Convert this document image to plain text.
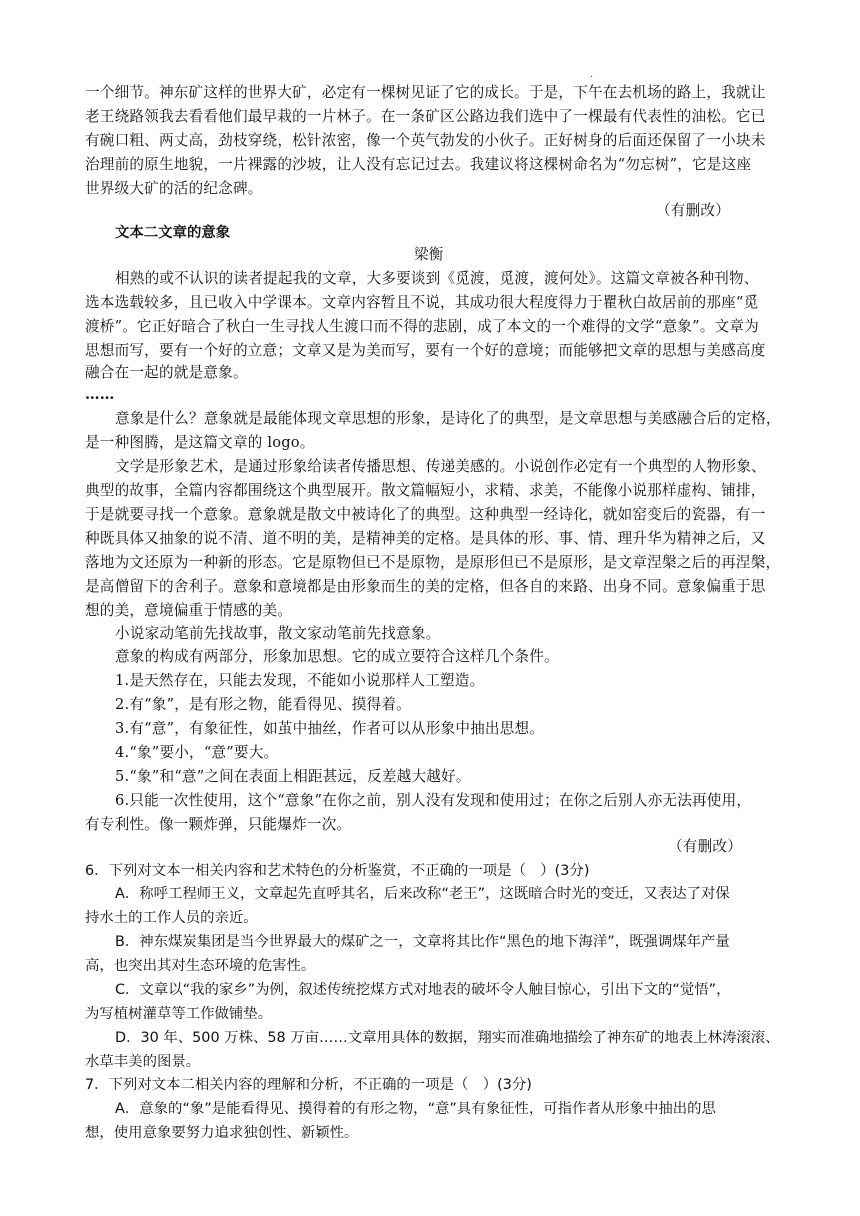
·
一个细节。神东矿这样的世界大矿，必定有一棵树见证了它的成长。于是，下午在去机场的路上，我就让
老王绕路领我去看看他们最早栽的一片林子。在一条矿区公路边我们选中了一棵最有代表性的油松。它已
有碗口粗、两丈高，劲枝穿绕，松针浓密，像一个英气勃发的小伙子。正好树身的后面还保留了一小块未
治理前的原生地貌，一片裸露的沙坡，让人没有忘记过去。我建议将这棵树命名为“勿忘树”，它是这座
世界级大矿的活的纪念碑。
（有删改）
文本二文章的意象
梁衡
相熟的或不认识的读者提起我的文章，大多要谈到《觅渡，觅渡，渡何处》。这篇文章被各种刊物、
选本选载较多，且已收入中学课本。文章内容暂且不说，其成功很大程度得力于瞿秋白故居前的那座“觅
渡桥”。它正好暗合了秋白一生寻找人生渡口而不得的悲剧，成了本文的一个难得的文学“意象”。文章为
思想而写，要有一个好的立意；文章又是为美而写，要有一个好的意境；而能够把文章的思想与美感高度
融合在一起的就是意象。
……
意象是什么？意象就是最能体现文章思想的形象，是诗化了的典型，是文章思想与美感融合后的定格，
是一种图腾，是这篇文章的 logo。
文学是形象艺术，是通过形象给读者传播思想、传递美感的。小说创作必定有一个典型的人物形象、
典型的故事，全篇内容都围绕这个典型展开。散文篇幅短小，求精、求美，不能像小说那样虚构、铺排，
于是就要寻找一个意象。意象就是散文中被诗化了的典型。这种典型一经诗化，就如窑变后的瓷器，有一
种既具体又抽象的说不清、道不明的美，是精神美的定格。是具体的形、事、情、理升华为精神之后，又
落地为文还原为一种新的形态。它是原物但已不是原物，是原形但已不是原形，是文章涅槃之后的再涅槃，
是高僧留下的舍利子。意象和意境都是由形象而生的美的定格，但各自的来路、出身不同。意象偏重于思
想的美，意境偏重于情感的美。
小说家动笔前先找故事，散文家动笔前先找意象。
意象的构成有两部分，形象加思想。它的成立要符合这样几个条件。
1.是天然存在，只能去发现，不能如小说那样人工塑造。
2.有“象”，是有形之物，能看得见、摸得着。
3.有“意”，有象征性，如茧中抽丝，作者可以从形象中抽出思想。
4.“象”要小，“意”要大。
5.“象”和“意”之间在表面上相距甚远，反差越大越好。
6.只能一次性使用，这个“意象”在你之前，别人没有发现和使用过；在你之后别人亦无法再使用，
有专利性。像一颗炸弹，只能爆炸一次。
（有删改）
6．下列对文本一相关内容和艺术特色的分析鉴赏，不正确的一项是（　）(3分)
A．称呼工程师王义，文章起先直呼其名，后来改称“老王”，这既暗合时光的变迁，又表达了对保
持水土的工作人员的亲近。
B．神东煤炭集团是当今世界最大的煤矿之一，文章将其比作“黑色的地下海洋”，既强调煤年产量
高，也突出其对生态环境的危害性。
C．文章以“我的家乡”为例，叙述传统挖煤方式对地表的破坏令人触目惊心，引出下文的“觉悟”，
为写植树灌草等工作做铺垫。
D．30 年、500 万株、58 万亩……文章用具体的数据，翔实而准确地描绘了神东矿的地表上林涛滚滚、
水草丰美的图景。
7．下列对文本二相关内容的理解和分析，不正确的一项是（　）(3分)
A．意象的“象”是能看得见、摸得着的有形之物，“意”具有象征性，可指作者从形象中抽出的思
想，使用意象要努力追求独创性、新颖性。
